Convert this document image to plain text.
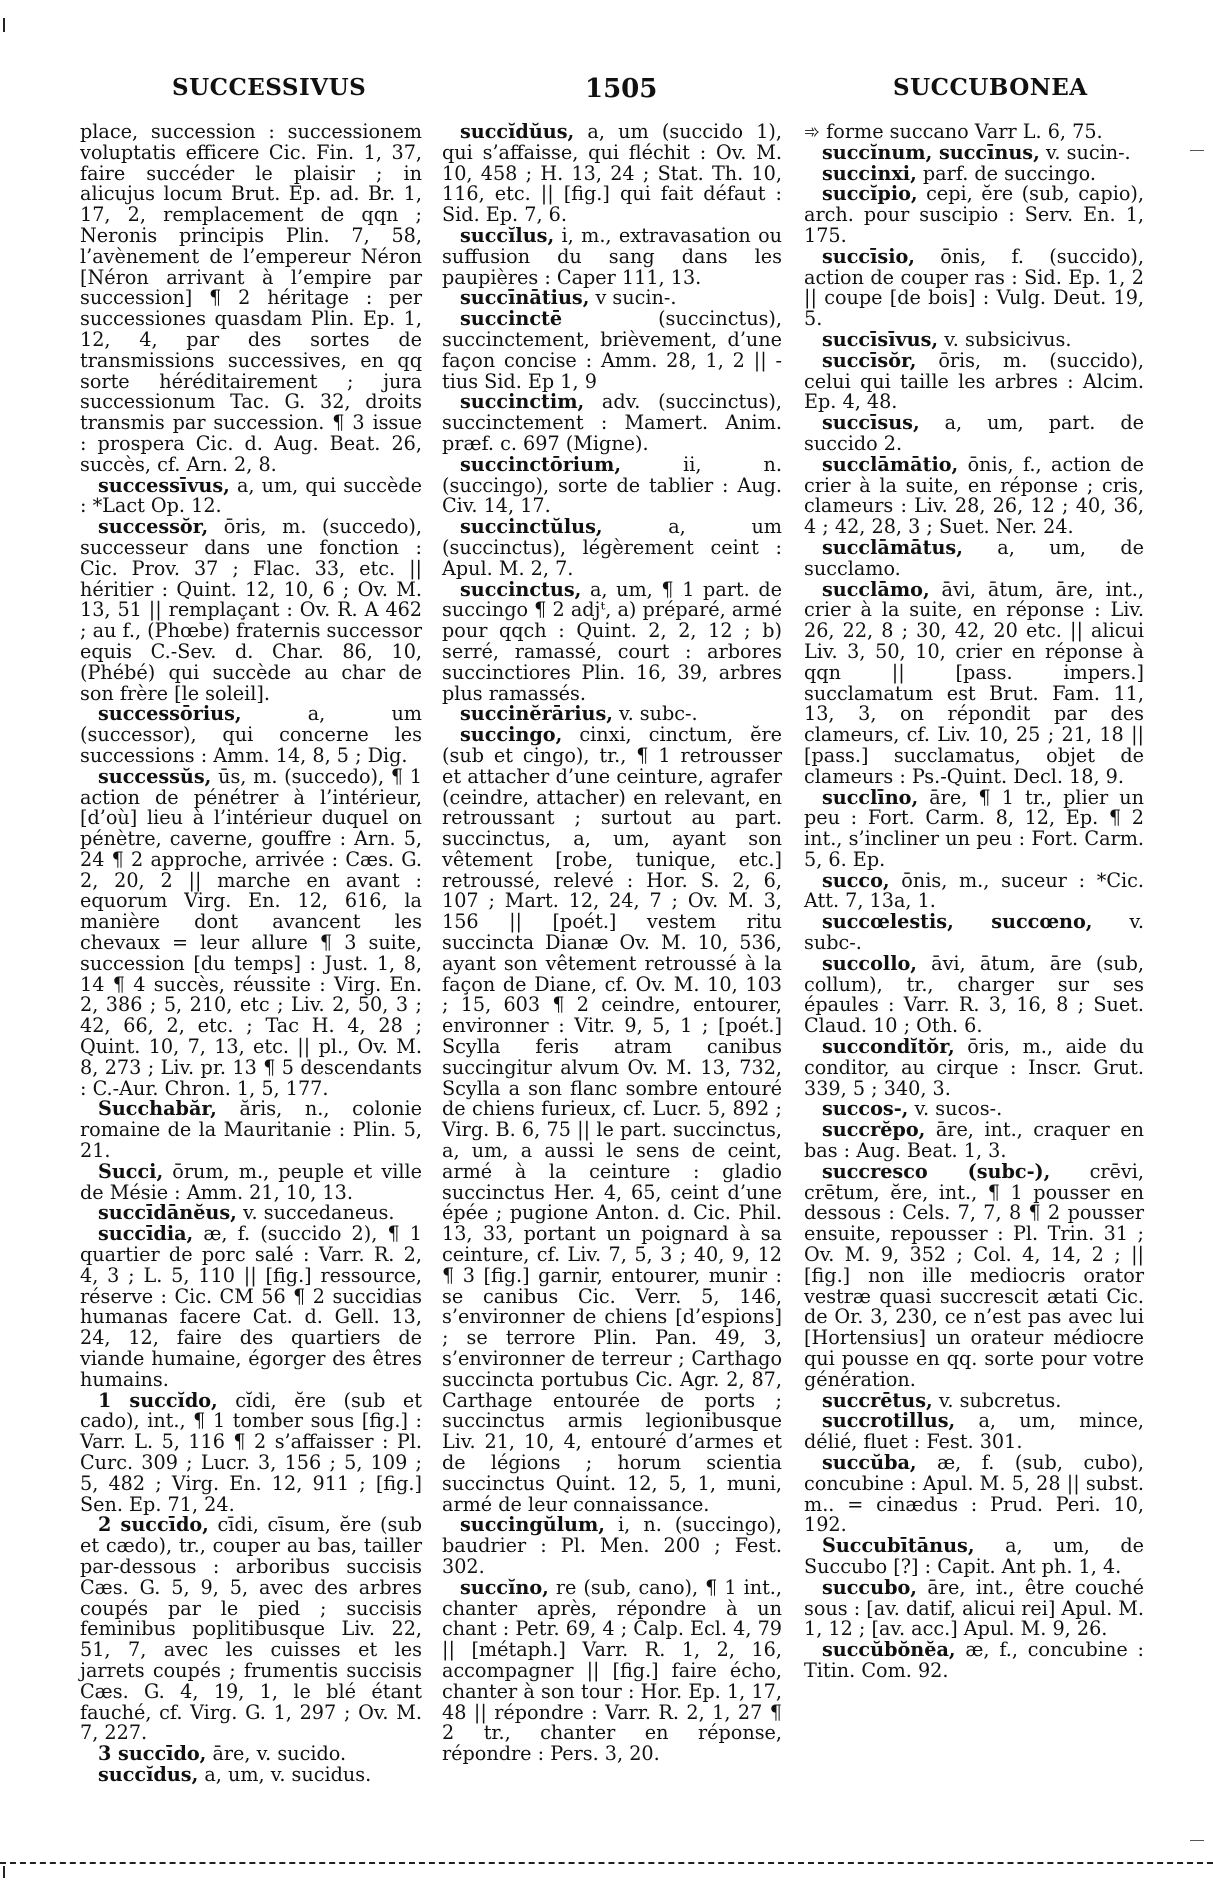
SUCCESSIVUS	1505	SUCCUBONEA

place, succession : successionem voluptatis efficere Cic. Fin. 1, 37, faire succéder le plaisir ; in alicujus locum Brut. Ep. ad. Br. 1, 17, 2, remplacement de qqn ; Neronis principis Plin. 7, 58, l’avènement de l’empereur Néron [Néron arrivant à l’empire par succession] ¶ 2 héritage : per successiones quasdam Plin. Ep. 1, 12, 4, par des sortes de transmissions successives, en qq sorte héréditairement ; jura successionum Tac. G. 32, droits transmis par succession. ¶ 3 issue : prospera Cic. d. Aug. Beat. 26, succès, cf. Arn. 2, 8.

successīvus, a, um, qui succède : *Lact Op. 12.

successŏr, ōris, m. (succedo), successeur dans une fonction : Cic. Prov. 37 ; Flac. 33, etc. || héritier : Quint. 12, 10, 6 ; Ov. M. 13, 51 || remplaçant : Ov. R. A 462 ; au f., (Phœbe) fraternis successor equis C.-Sev. d. Char. 86, 10, (Phébé) qui succède au char de son frère [le soleil].

successōrius, a, um (successor), qui concerne les successions : Amm. 14, 8, 5 ; Dig.

successŭs, ūs, m. (succedo), ¶ 1 action de pénétrer à l’intérieur, [d’où] lieu à l’intérieur duquel on pénètre, caverne, gouffre : Arn. 5, 24 ¶ 2 approche, arrivée : Cæs. G. 2, 20, 2 || marche en avant : equorum Virg. En. 12, 616, la manière dont avancent les chevaux = leur allure ¶ 3 suite, succession [du temps] : Just. 1, 8, 14 ¶ 4 succès, réussite : Virg. En. 2, 386 ; 5, 210, etc ; Liv. 2, 50, 3 ; 42, 66, 2, etc. ; Tac H. 4, 28 ; Quint. 10, 7, 13, etc. || pl., Ov. M. 8, 273 ; Liv. pr. 13 ¶ 5 descendants : C.-Aur. Chron. 1, 5, 177.

Succhabăr, ăris, n., colonie romaine de la Mauritanie : Plin. 5, 21.

Succi, ōrum, m., peuple et ville de Mésie : Amm. 21, 10, 13.

succīdānĕus, v. succedaneus.

succīdia, æ, f. (succido 2), ¶ 1 quartier de porc salé : Varr. R. 2, 4, 3 ; L. 5, 110 || [fig.] ressource, réserve : Cic. CM 56 ¶ 2 succidias humanas facere Cat. d. Gell. 13, 24, 12, faire des quartiers de viande humaine, égorger des êtres humains.

1 succĭdo, cĭdi, ĕre (sub et cado), int., ¶ 1 tomber sous [fig.] : Varr. L. 5, 116 ¶ 2 s’affaisser : Pl. Curc. 309 ; Lucr. 3, 156 ; 5, 109 ; 5, 482 ; Virg. En. 12, 911 ; [fig.] Sen. Ep. 71, 24.

2 succīdo, cīdi, cīsum, ĕre (sub et cædo), tr., couper au bas, tailler par-dessous : arboribus succisis Cæs. G. 5, 9, 5, avec des arbres coupés par le pied ; succisis feminibus poplitibusque Liv. 22, 51, 7, avec les cuisses et les jarrets coupés ; frumentis succisis Cæs. G. 4, 19, 1, le blé étant fauché, cf. Virg. G. 1, 297 ; Ov. M. 7, 227.

3 succīdo, āre, v. sucido.

succĭdus, a, um, v. sucidus.

succĭdŭus, a, um (succido 1), qui s’affaisse, qui fléchit : Ov. M. 10, 458 ; H. 13, 24 ; Stat. Th. 10, 116, etc. || [fig.] qui fait défaut : Sid. Ep. 7, 6.

succĭlus, i, m., extravasation ou suffusion du sang dans les paupières : Caper 111, 13.

succīnātius, v sucin-.

succinctē (succinctus), succinctement, brièvement, d’une façon concise : Amm. 28, 1, 2 || -tius Sid. Ep 1, 9

succinctim, adv. (succinctus), succinctement : Mamert. Anim. præf. c. 697 (Migne).

succinctōrium, ii, n. (succingo), sorte de tablier : Aug. Civ. 14, 17.

succinctŭlus, a, um (succinctus), légèrement ceint : Apul. M. 2, 7.

succinctus, a, um, ¶ 1 part. de succingo ¶ 2 adjᵗ, a) préparé, armé pour qqch : Quint. 2, 2, 12 ; b) serré, ramassé, court : arbores succinctiores Plin. 16, 39, arbres plus ramassés.

succinĕrārius, v. subc-.

succingo, cinxi, cinctum, ĕre (sub et cingo), tr., ¶ 1 retrousser et attacher d’une ceinture, agrafer (ceindre, attacher) en relevant, en retroussant ; surtout au part. succinctus, a, um, ayant son vêtement [robe, tunique, etc.] retroussé, relevé : Hor. S. 2, 6, 107 ; Mart. 12, 24, 7 ; Ov. M. 3, 156 || [poét.] vestem ritu succincta Dianæ Ov. M. 10, 536, ayant son vêtement retroussé à la façon de Diane, cf. Ov. M. 10, 103 ; 15, 603 ¶ 2 ceindre, entourer, environner : Vitr. 9, 5, 1 ; [poét.] Scylla feris atram canibus succingitur alvum Ov. M. 13, 732, Scylla a son flanc sombre entouré de chiens furieux, cf. Lucr. 5, 892 ; Virg. B. 6, 75 || le part. succinctus, a, um, a aussi le sens de ceint, armé à la ceinture : gladio succinctus Her. 4, 65, ceint d’une épée ; pugione Anton. d. Cic. Phil. 13, 33, portant un poignard à sa ceinture, cf. Liv. 7, 5, 3 ; 40, 9, 12 ¶ 3 [fig.] garnir, entourer, munir : se canibus Cic. Verr. 5, 146, s’environner de chiens [d’espions] ; se terrore Plin. Pan. 49, 3, s’environner de terreur ; Carthago succincta portubus Cic. Agr. 2, 87, Carthage entourée de ports ; succinctus armis legionibusque Liv. 21, 10, 4, entouré d’armes et de légions ; horum scientia succinctus Quint. 12, 5, 1, muni, armé de leur connaissance.

succingŭlum, i, n. (succingo), baudrier : Pl. Men. 200 ; Fest. 302.

succĭno, re (sub, cano), ¶ 1 int., chanter après, répondre à un chant : Petr. 69, 4 ; Calp. Ecl. 4, 79 || [métaph.] Varr. R. 1, 2, 16, accompagner || [fig.] faire écho, chanter à son tour : Hor. Ep. 1, 17, 48 || répondre : Varr. R. 2, 1, 27 ¶ 2 tr., chanter en réponse, répondre : Pers. 3, 20.

➾ forme succano Varr L. 6, 75.

succĭnum, succīnus, v. sucin-.

succinxi, parf. de succingo.

succĭpio, cepi, ĕre (sub, capio), arch. pour suscipio : Serv. En. 1, 175.

succīsio, ōnis, f. (succido), action de couper ras : Sid. Ep. 1, 2 || coupe [de bois] : Vulg. Deut. 19, 5.

succīsīvus, v. subsicivus.

succīsŏr, ōris, m. (succido), celui qui taille les arbres : Alcim. Ep. 4, 48.

succīsus, a, um, part. de succido 2.

succlāmātio, ōnis, f., action de crier à la suite, en réponse ; cris, clameurs : Liv. 28, 26, 12 ; 40, 36, 4 ; 42, 28, 3 ; Suet. Ner. 24.

succlāmātus, a, um, de succlamo.

succlāmo, āvi, ātum, āre, int., crier à la suite, en réponse : Liv. 26, 22, 8 ; 30, 42, 20 etc. || alicui Liv. 3, 50, 10, crier en réponse à qqn || [pass. impers.] succlamatum est Brut. Fam. 11, 13, 3, on répondit par des clameurs, cf. Liv. 10, 25 ; 21, 18 || [pass.] succlamatus, objet de clameurs : Ps.-Quint. Decl. 18, 9.

succlīno, āre, ¶ 1 tr., plier un peu : Fort. Carm. 8, 12, Ep. ¶ 2 int., s’incliner un peu : Fort. Carm. 5, 6. Ep.

succo, ōnis, m., suceur : *Cic. Att. 7, 13a, 1.

succœlestis, succœno, v. subc-.

succollo, āvi, ātum, āre (sub, collum), tr., charger sur ses épaules : Varr. R. 3, 16, 8 ; Suet. Claud. 10 ; Oth. 6.

succondĭtŏr, ōris, m., aide du conditor, au cirque : Inscr. Grut. 339, 5 ; 340, 3.

succos-, v. sucos-.

succrĕpo, āre, int., craquer en bas : Aug. Beat. 1, 3.

succresco (subc-), crēvi, crētum, ĕre, int., ¶ 1 pousser en dessous : Cels. 7, 7, 8 ¶ 2 pousser ensuite, repousser : Pl. Trin. 31 ; Ov. M. 9, 352 ; Col. 4, 14, 2 ; || [fig.] non ille mediocris orator vestræ quasi succrescit ætati Cic. de Or. 3, 230, ce n’est pas avec lui [Hortensius] un orateur médiocre qui pousse en qq. sorte pour votre génération.

succrētus, v. subcretus.

succrotillus, a, um, mince, délié, fluet : Fest. 301.

succŭba, æ, f. (sub, cubo), concubine : Apul. M. 5, 28 || subst. m.. = cinædus : Prud. Peri. 10, 192.

Succubītānus, a, um, de Succubo [?] : Capit. Ant ph. 1, 4.

succubo, āre, int., être couché sous : [av. datif, alicui rei] Apul. M. 1, 12 ; [av. acc.] Apul. M. 9, 26.

succŭbŏnĕa, æ, f., concubine : Titin. Com. 92.
